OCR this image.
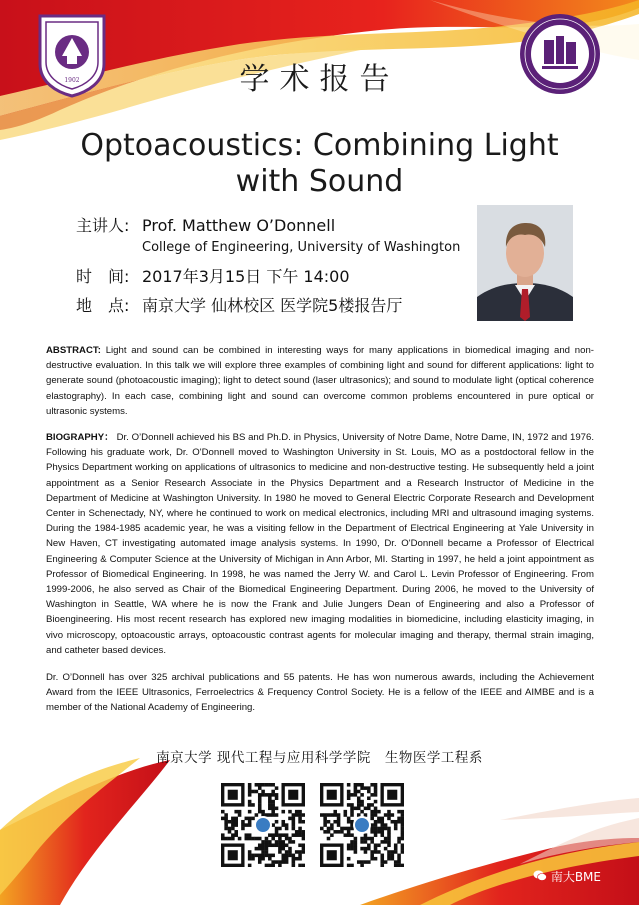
1902	学术报告
Optoacoustics: Combining Light
with Sound
主讲人: Prof. Matthew O’Donnell
College of Engineering, University of Washington
时　间: 2017年3月15日 下午 14:00
地　点: 南京大学 仙林校区 医学院5楼报告厅
ABSTRACT: Light and sound can be combined in interesting ways for many applications in biomedical imaging and non-destructive evaluation. In this talk we will explore three examples of combining light and sound for different applications: light to generate sound (photoacoustic imaging); light to detect sound (laser ultrasonics); and sound to modulate light (optical coherence elastography). In each case, combining light and sound can overcome common problems encountered in pure optical or ultrasonic systems.
BIOGRAPHY： Dr. O’Donnell achieved his BS and Ph.D. in Physics, University of Notre Dame, Notre Dame, IN, 1972 and 1976. Following his graduate work, Dr. O'Donnell moved to Washington University in St. Louis, MO as a postdoctoral fellow in the Physics Department working on applications of ultrasonics to medicine and non-destructive testing. He subsequently held a joint appointment as a Senior Research Associate in the Physics Department and a Research Instructor of Medicine in the Department of Medicine at Washington University. In 1980 he moved to General Electric Corporate Research and Development Center in Schenectady, NY, where he continued to work on medical electronics, including MRI and ultrasound imaging systems. During the 1984-1985 academic year, he was a visiting fellow in the Department of Electrical Engineering at Yale University in New Haven, CT investigating automated image analysis systems. In 1990, Dr. O'Donnell became a Professor of Electrical Engineering & Computer Science at the University of Michigan in Ann Arbor, MI. Starting in 1997, he held a joint appointment as Professor of Biomedical Engineering. In 1998, he was named the Jerry W. and Carol L. Levin Professor of Engineering. From 1999-2006, he also served as Chair of the Biomedical Engineering Department. During 2006, he moved to the University of Washington in Seattle, WA where he is now the Frank and Julie Jungers Dean of Engineering and also a Professor of Bioengineering. His most recent research has explored new imaging modalities in biomedicine, including elasticity imaging, in vivo microscopy, optoacoustic arrays, optoacoustic contrast agents for molecular imaging and therapy, thermal strain imaging, and catheter based devices.
Dr. O’Donnell has over 325 archival publications and 55 patents. He has won numerous awards, including the Achievement Award from the IEEE Ultrasonics, Ferroelectrics & Frequency Control Society. He is a fellow of the IEEE and AIMBE and is a member of the National Academy of Engineering.
南京大学 现代工程与应用科学学院　生物医学工程系
南大BME
